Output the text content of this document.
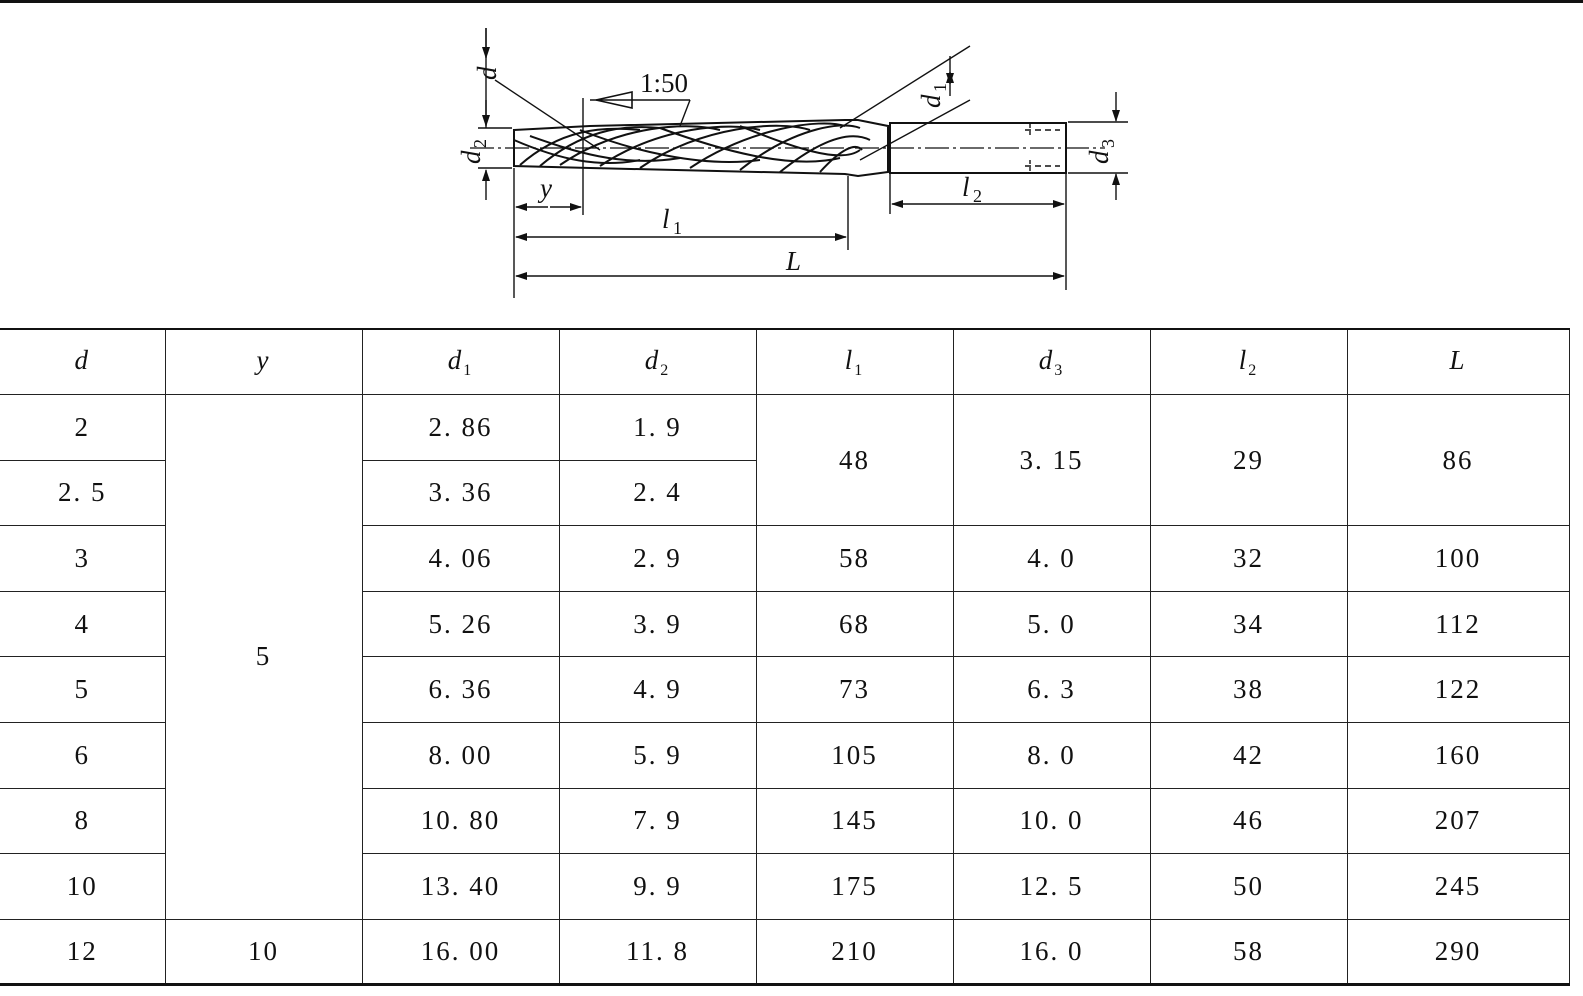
d	1:50
d
2
d
1
d
3
y
l 1
l 2
L
d	y	$d_1$	$d_2$	$l_1$	$d_3$	$l_2$	L
2	5	2. 86	1. 9	48	3. 15	29	86
2. 5		3. 36	2. 4				
3		4. 06	2. 9	58	4. 0	32	100
4		5. 26	3. 9	68	5. 0	34	112
5		6. 36	4. 9	73	6. 3	38	122
6		8. 00	5. 9	105	8. 0	42	160
8		10. 80	7. 9	145	10. 0	46	207
10		13. 40	9. 9	175	12. 5	50	245
12	10	16. 00	11. 8	210	16. 0	58	290
